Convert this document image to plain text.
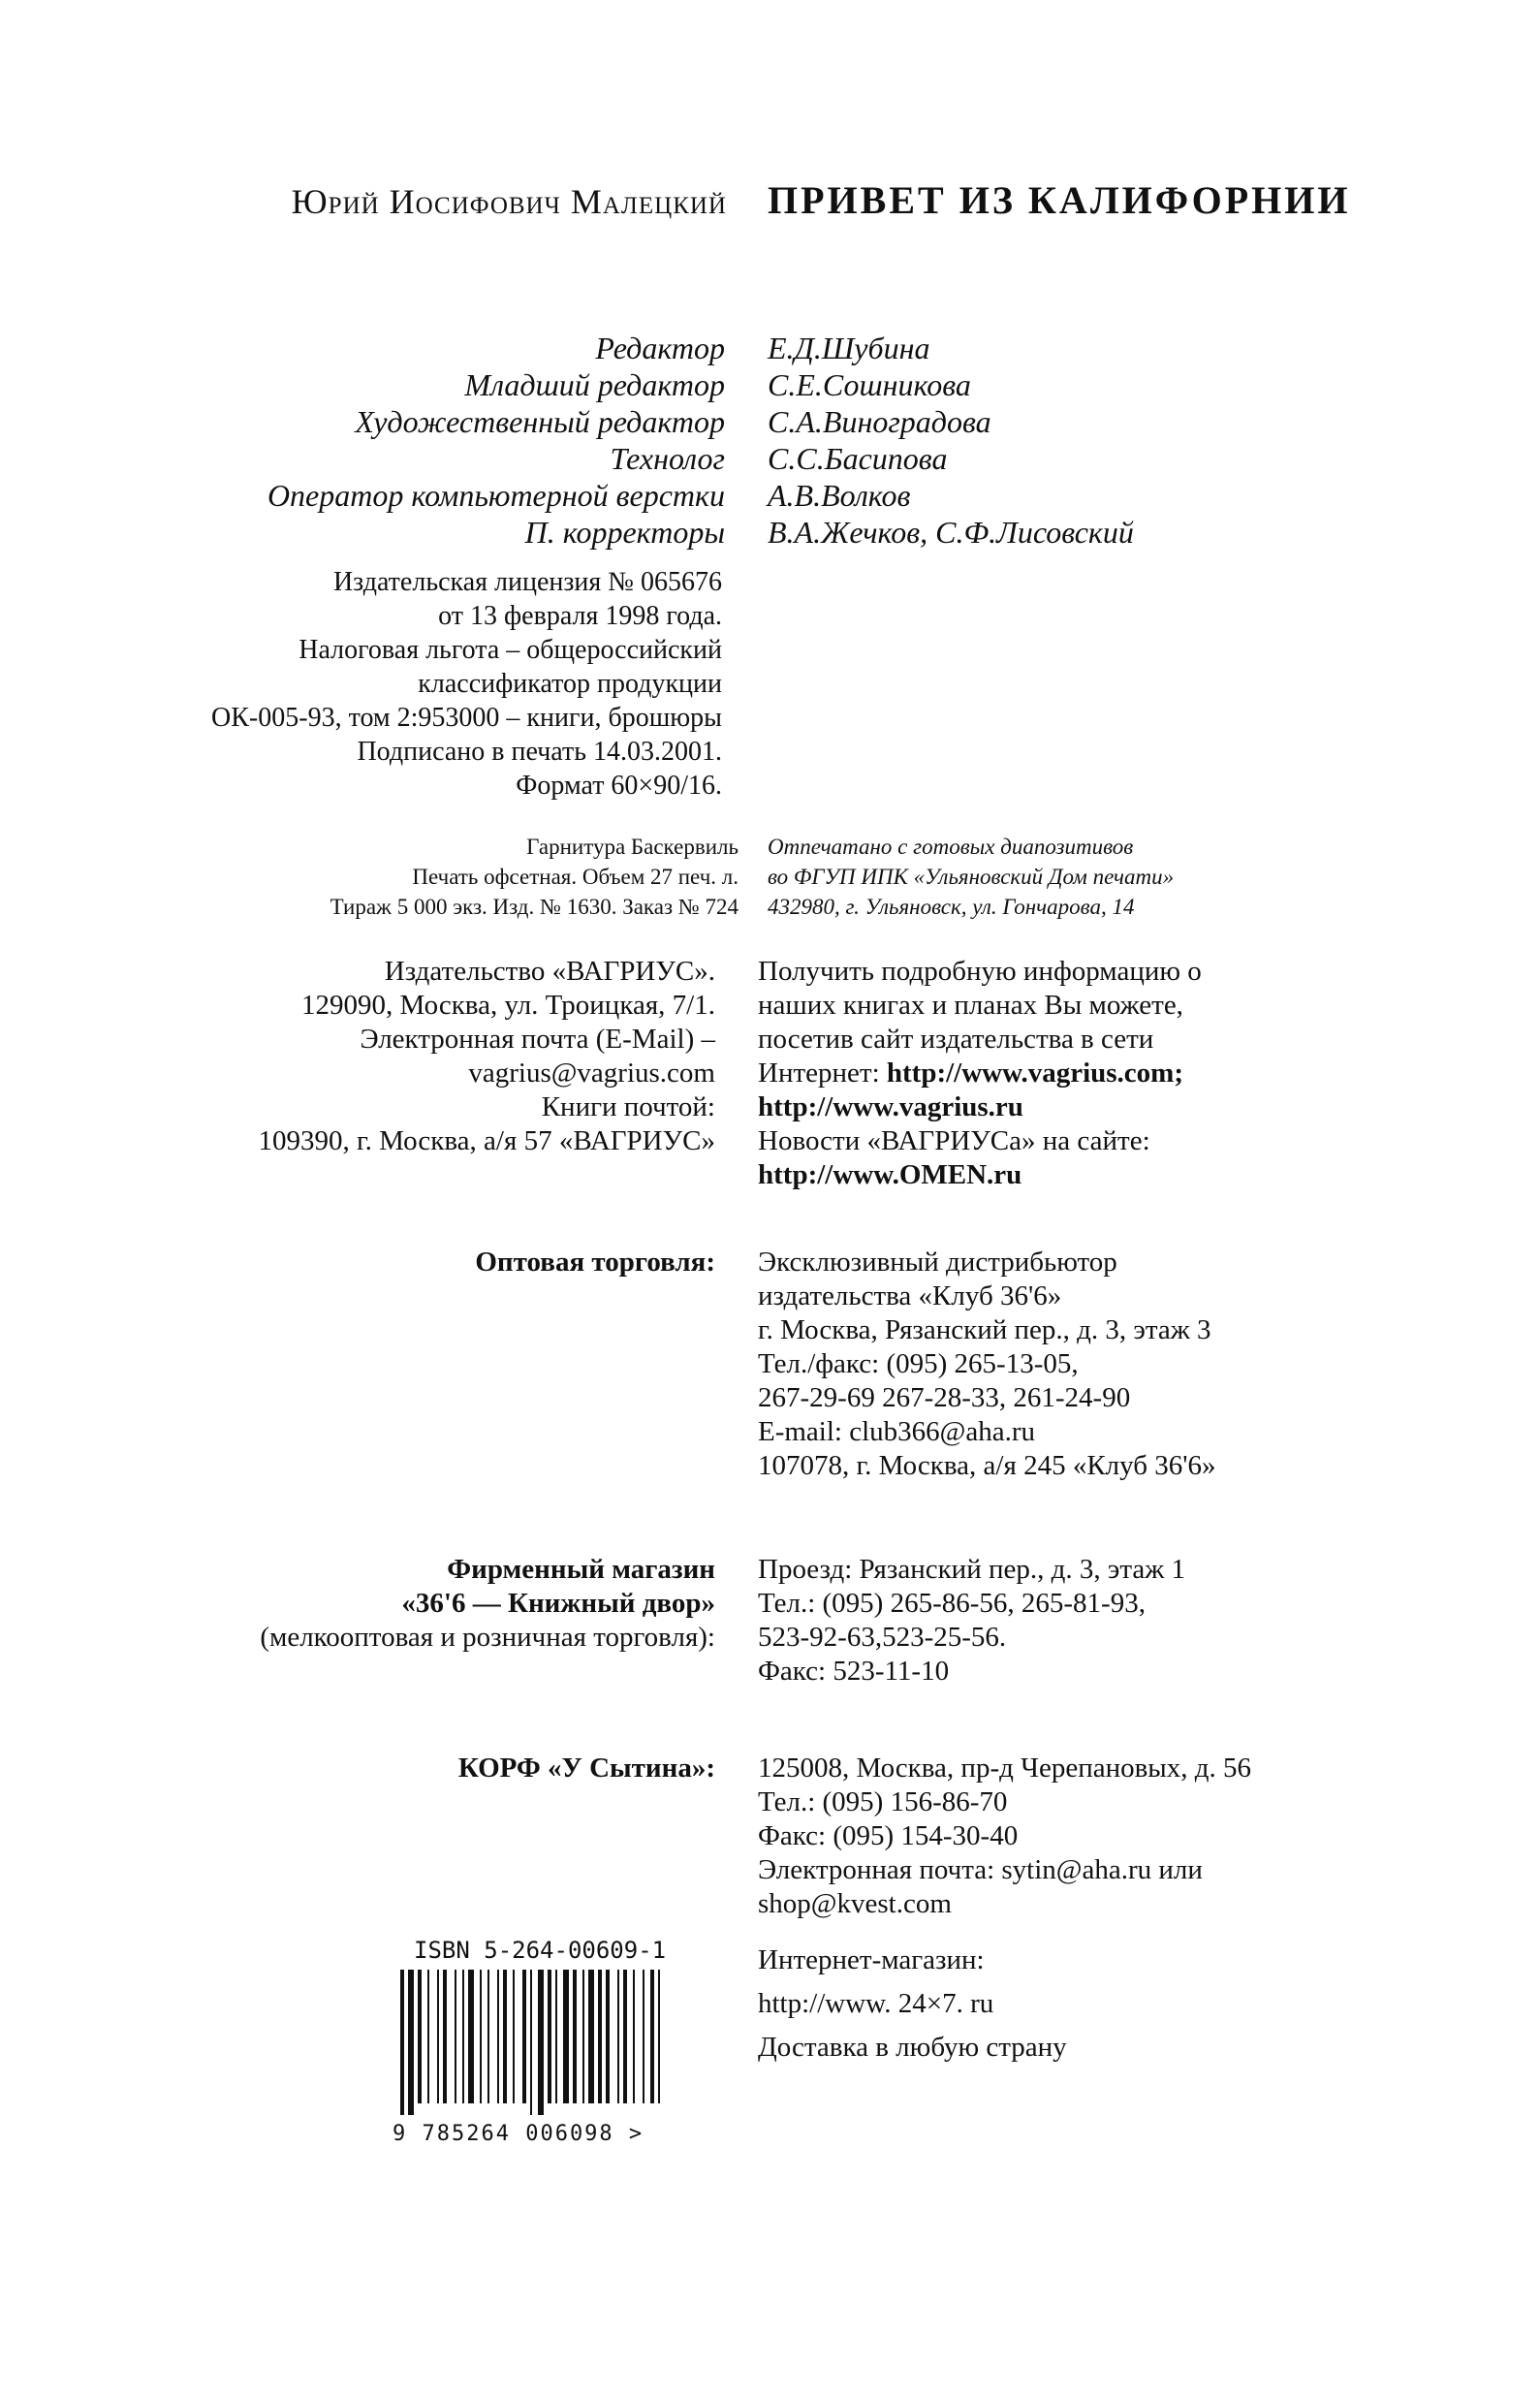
Юрий Иосифович Малецкий ПРИВЕТ ИЗ КАЛИФОРНИИ
Редактор
Младший редактор
Художественный редактор
Технолог
Оператор компьютерной верстки
П. корректоры
Е.Д.Шубина
С.Е.Сошникова
С.А.Виноградова
С.С.Басипова
А.В.Волков
В.А.Жечков, С.Ф.Лисовский
Издательская лицензия № 065676
от 13 февраля 1998 года.
Налоговая льгота – общероссийский
классификатор продукции
ОК-005-93, том 2:953000 – книги, брошюры
Подписано в печать 14.03.2001.
Формат 60×90/16.
Гарнитура Баскервиль
Печать офсетная. Объем 27 печ. л.
Тираж 5 000 экз. Изд. № 1630. Заказ № 724
Отпечатано с готовых диапозитивов
во ФГУП ИПК «Ульяновский Дом печати»
432980, г. Ульяновск, ул. Гончарова, 14
Издательство «ВАГРИУС».
129090, Москва, ул. Троицкая, 7/1.
Электронная почта (E-Mail) –
vagrius@vagrius.com
Книги почтой:
109390, г. Москва, а/я 57 «ВАГРИУС»
Получить подробную информацию о
наших книгах и планах Вы можете,
посетив сайт издательства в сети
Интернет: http://www.vagrius.com;
http://www.vagrius.ru
Новости «ВАГРИУСа» на сайте:
http://www.OMEN.ru
Оптовая торговля: Эксклюзивный дистрибьютор
издательства «Клуб 36'6»
г. Москва, Рязанский пер., д. 3, этаж 3
Тел./факс: (095) 265-13-05,
267-29-69 267-28-33, 261-24-90
E-mail: club366@aha.ru
107078, г. Москва, а/я 245 «Клуб 36'6»
Фирменный магазин
«36'6 — Книжный двор»
(мелкооптовая и розничная торговля):
Проезд: Рязанский пер., д. 3, этаж 1
Тел.: (095) 265-86-56, 265-81-93,
523-92-63,523-25-56.
Факс: 523-11-10
КОРФ «У Сытина»: 125008, Москва, пр-д Черепановых, д. 56
Тел.: (095) 156-86-70
Факс: (095) 154-30-40
Электронная почта: sytin@aha.ru или
shop@kvest.com
ISBN 5-264-00609-1
9 785264 006098 >
Интернет-магазин:
http://www. 24×7. ru
Доставка в любую страну
